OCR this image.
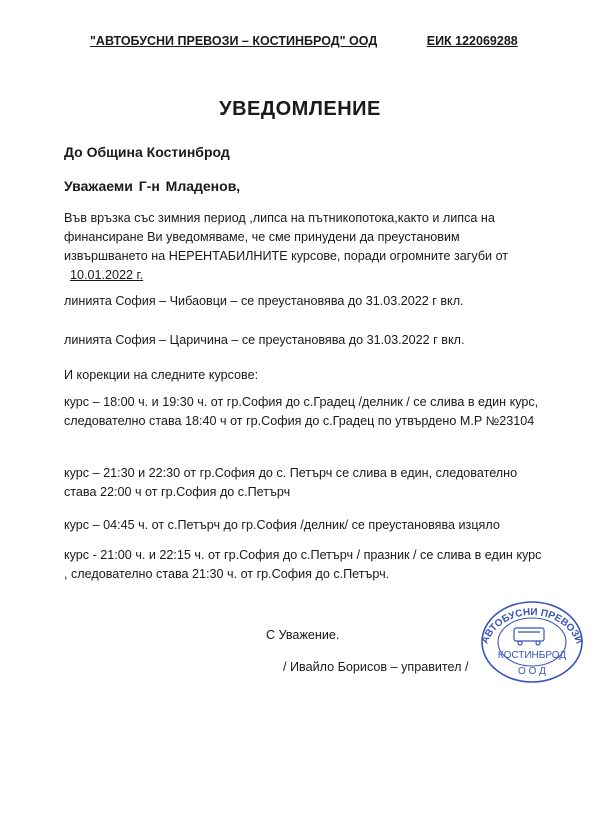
"АВТОБУСНИ ПРЕВОЗИ – КОСТИНБРОД" ООД	ЕИК 122069288
УВЕДОМЛЕНИЕ
До Община Костинброд
Уважаеми Г-н Младенов,
Във връзка със зимния период ,липса на пътникопотока,както и липса на финансиране Ви уведомяваме, че сме принудени да преустановим извършването на НЕРЕНТАБИЛНИТЕ курсове, поради огромните загуби от 10.01.2022 г.
линията София – Чибаовци – се преустановява до 31.03.2022 г вкл.
линията София – Царичина – се преустановява до 31.03.2022 г вкл.
И корекции на следните курсове:
курс – 18:00 ч. и 19:30 ч. от гр.София до с.Градец /делник / се слива в един курс, следователно става 18:40 ч от гр.София до с.Градец по утвърдено М.Р №23104
курс – 21:30 и 22:30 от гр.София до с. Петърч се слива в един, следователно става 22:00 ч от гр.София до с.Петърч
курс – 04:45 ч. от с.Петърч до гр.София /делник/ се преустановява изцяло
курс - 21:00 ч. и 22:15 ч. от гр.София до с.Петърч / празник / се слива в един курс , следователно става 21:30 ч. от гр.София до с.Петърч.
С Уважение.
/ Ивайло Борисов – управител /
АВТОБУСНИ ПРЕВОЗИ
КОСТИНБРОД
О О Д
